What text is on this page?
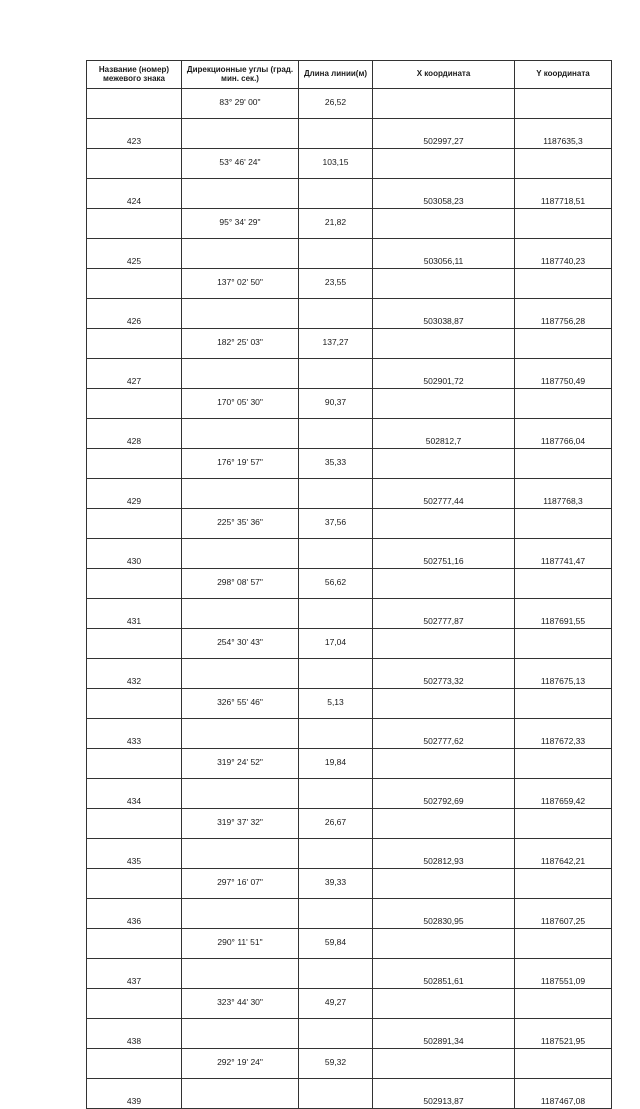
Название (номер) межевого знака	Дирекционные углы (град. мин. сек.)	Длина линии(м)	Х координата	Y координата
	83° 29' 00"	26,52		
423			502997,27	1187635,3
	53° 46' 24"	103,15		
424			503058,23	1187718,51
	95° 34' 29"	21,82		
425			503056,11	1187740,23
	137° 02' 50"	23,55		
426			503038,87	1187756,28
	182° 25' 03"	137,27		
427			502901,72	1187750,49
	170° 05' 30"	90,37		
428			502812,7	1187766,04
	176° 19' 57"	35,33		
429			502777,44	1187768,3
	225° 35' 36"	37,56		
430			502751,16	1187741,47
	298° 08' 57"	56,62		
431			502777,87	1187691,55
	254° 30' 43"	17,04		
432			502773,32	1187675,13
	326° 55' 46"	5,13		
433			502777,62	1187672,33
	319° 24' 52"	19,84		
434			502792,69	1187659,42
	319° 37' 32"	26,67		
435			502812,93	1187642,21
	297° 16' 07"	39,33		
436			502830,95	1187607,25
	290° 11' 51"	59,84		
437			502851,61	1187551,09
	323° 44' 30"	49,27		
438			502891,34	1187521,95
	292° 19' 24"	59,32		
439			502913,87	1187467,08
